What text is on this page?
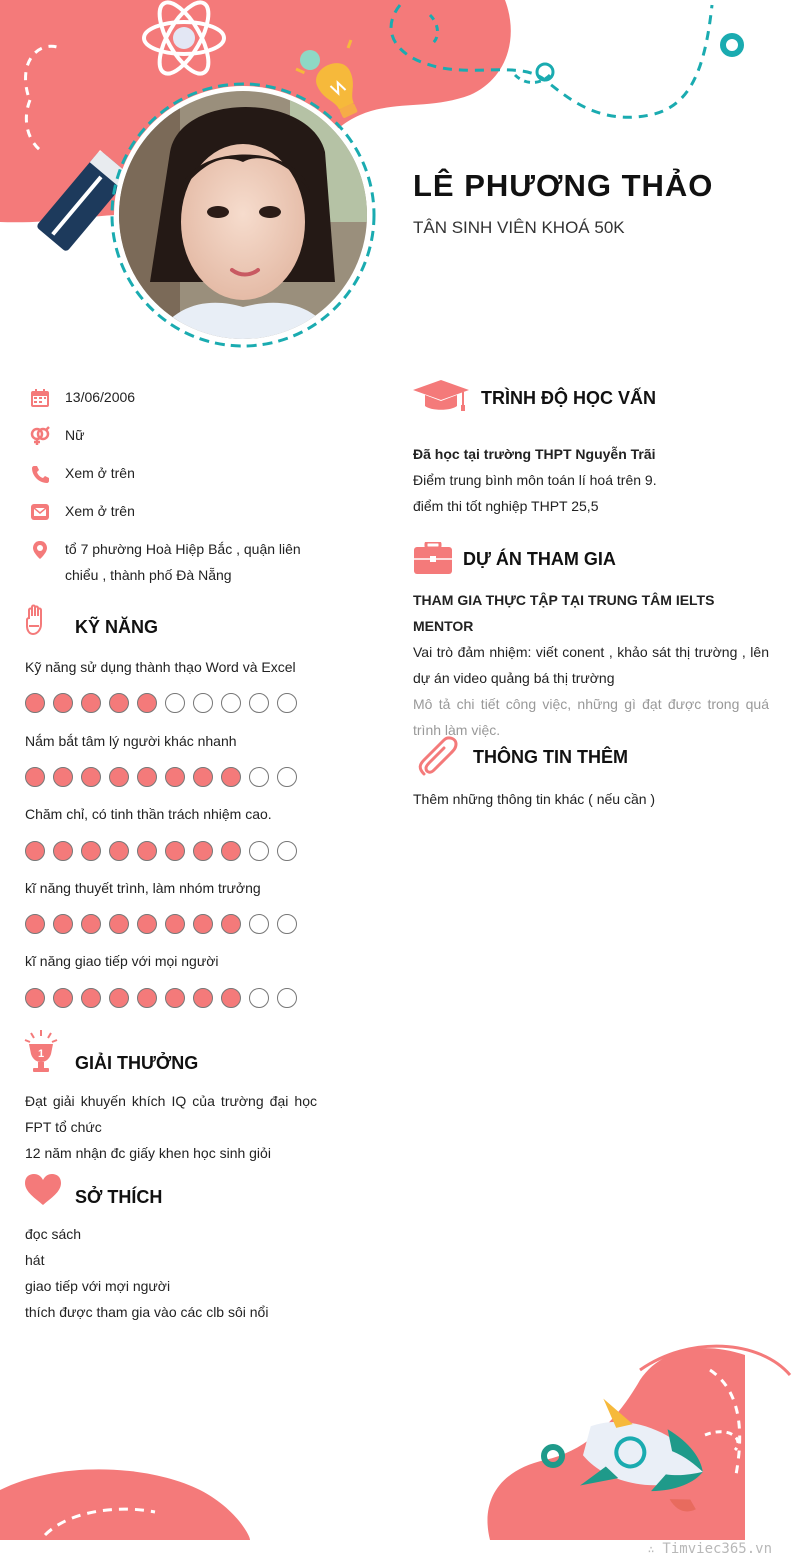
LÊ PHƯƠNG THẢO
TÂN SINH VIÊN KHOÁ 50K
13/06/2006
Nữ
Xem ở trên
Xem ở trên
tổ 7 phường Hoà Hiệp Bắc , quận liên
chiểu , thành phố Đà Nẵng
KỸ NĂNG
Kỹ năng sử dụng thành thạo Word và Excel
Nắm bắt tâm lý người khác nhanh
Chăm chỉ, có tinh thần trách nhiệm cao.
kĩ năng thuyết trình, làm nhóm trưởng
kĩ năng giao tiếp với mọi người
1 GIẢI THƯỞNG
Đạt giải khuyến khích IQ của trường đại học
FPT tổ chức
12 năm nhận đc giấy khen học sinh giỏi
SỞ THÍCH
đọc sách
hát
giao tiếp với mợi người
thích được tham gia vào các clb sôi nổi
TRÌNH ĐỘ HỌC VẤN
Đã học tại trường THPT Nguyễn Trãi
Điểm trung bình môn toán lí hoá trên 9.
điểm thi tốt nghiệp THPT 25,5
DỰ ÁN THAM GIA
THAM GIA THỰC TẬP TẠI TRUNG TÂM IELTS MENTOR
Vai trò đảm nhiệm: viết conent , khảo sát thị trường , lên
dự án video quảng bá thị trường
Mô tả chi tiết công việc, những gì đạt được trong quá
trình làm việc.
THÔNG TIN THÊM
Thêm những thông tin khác ( nếu cần )
∴ Timviec365.vn
